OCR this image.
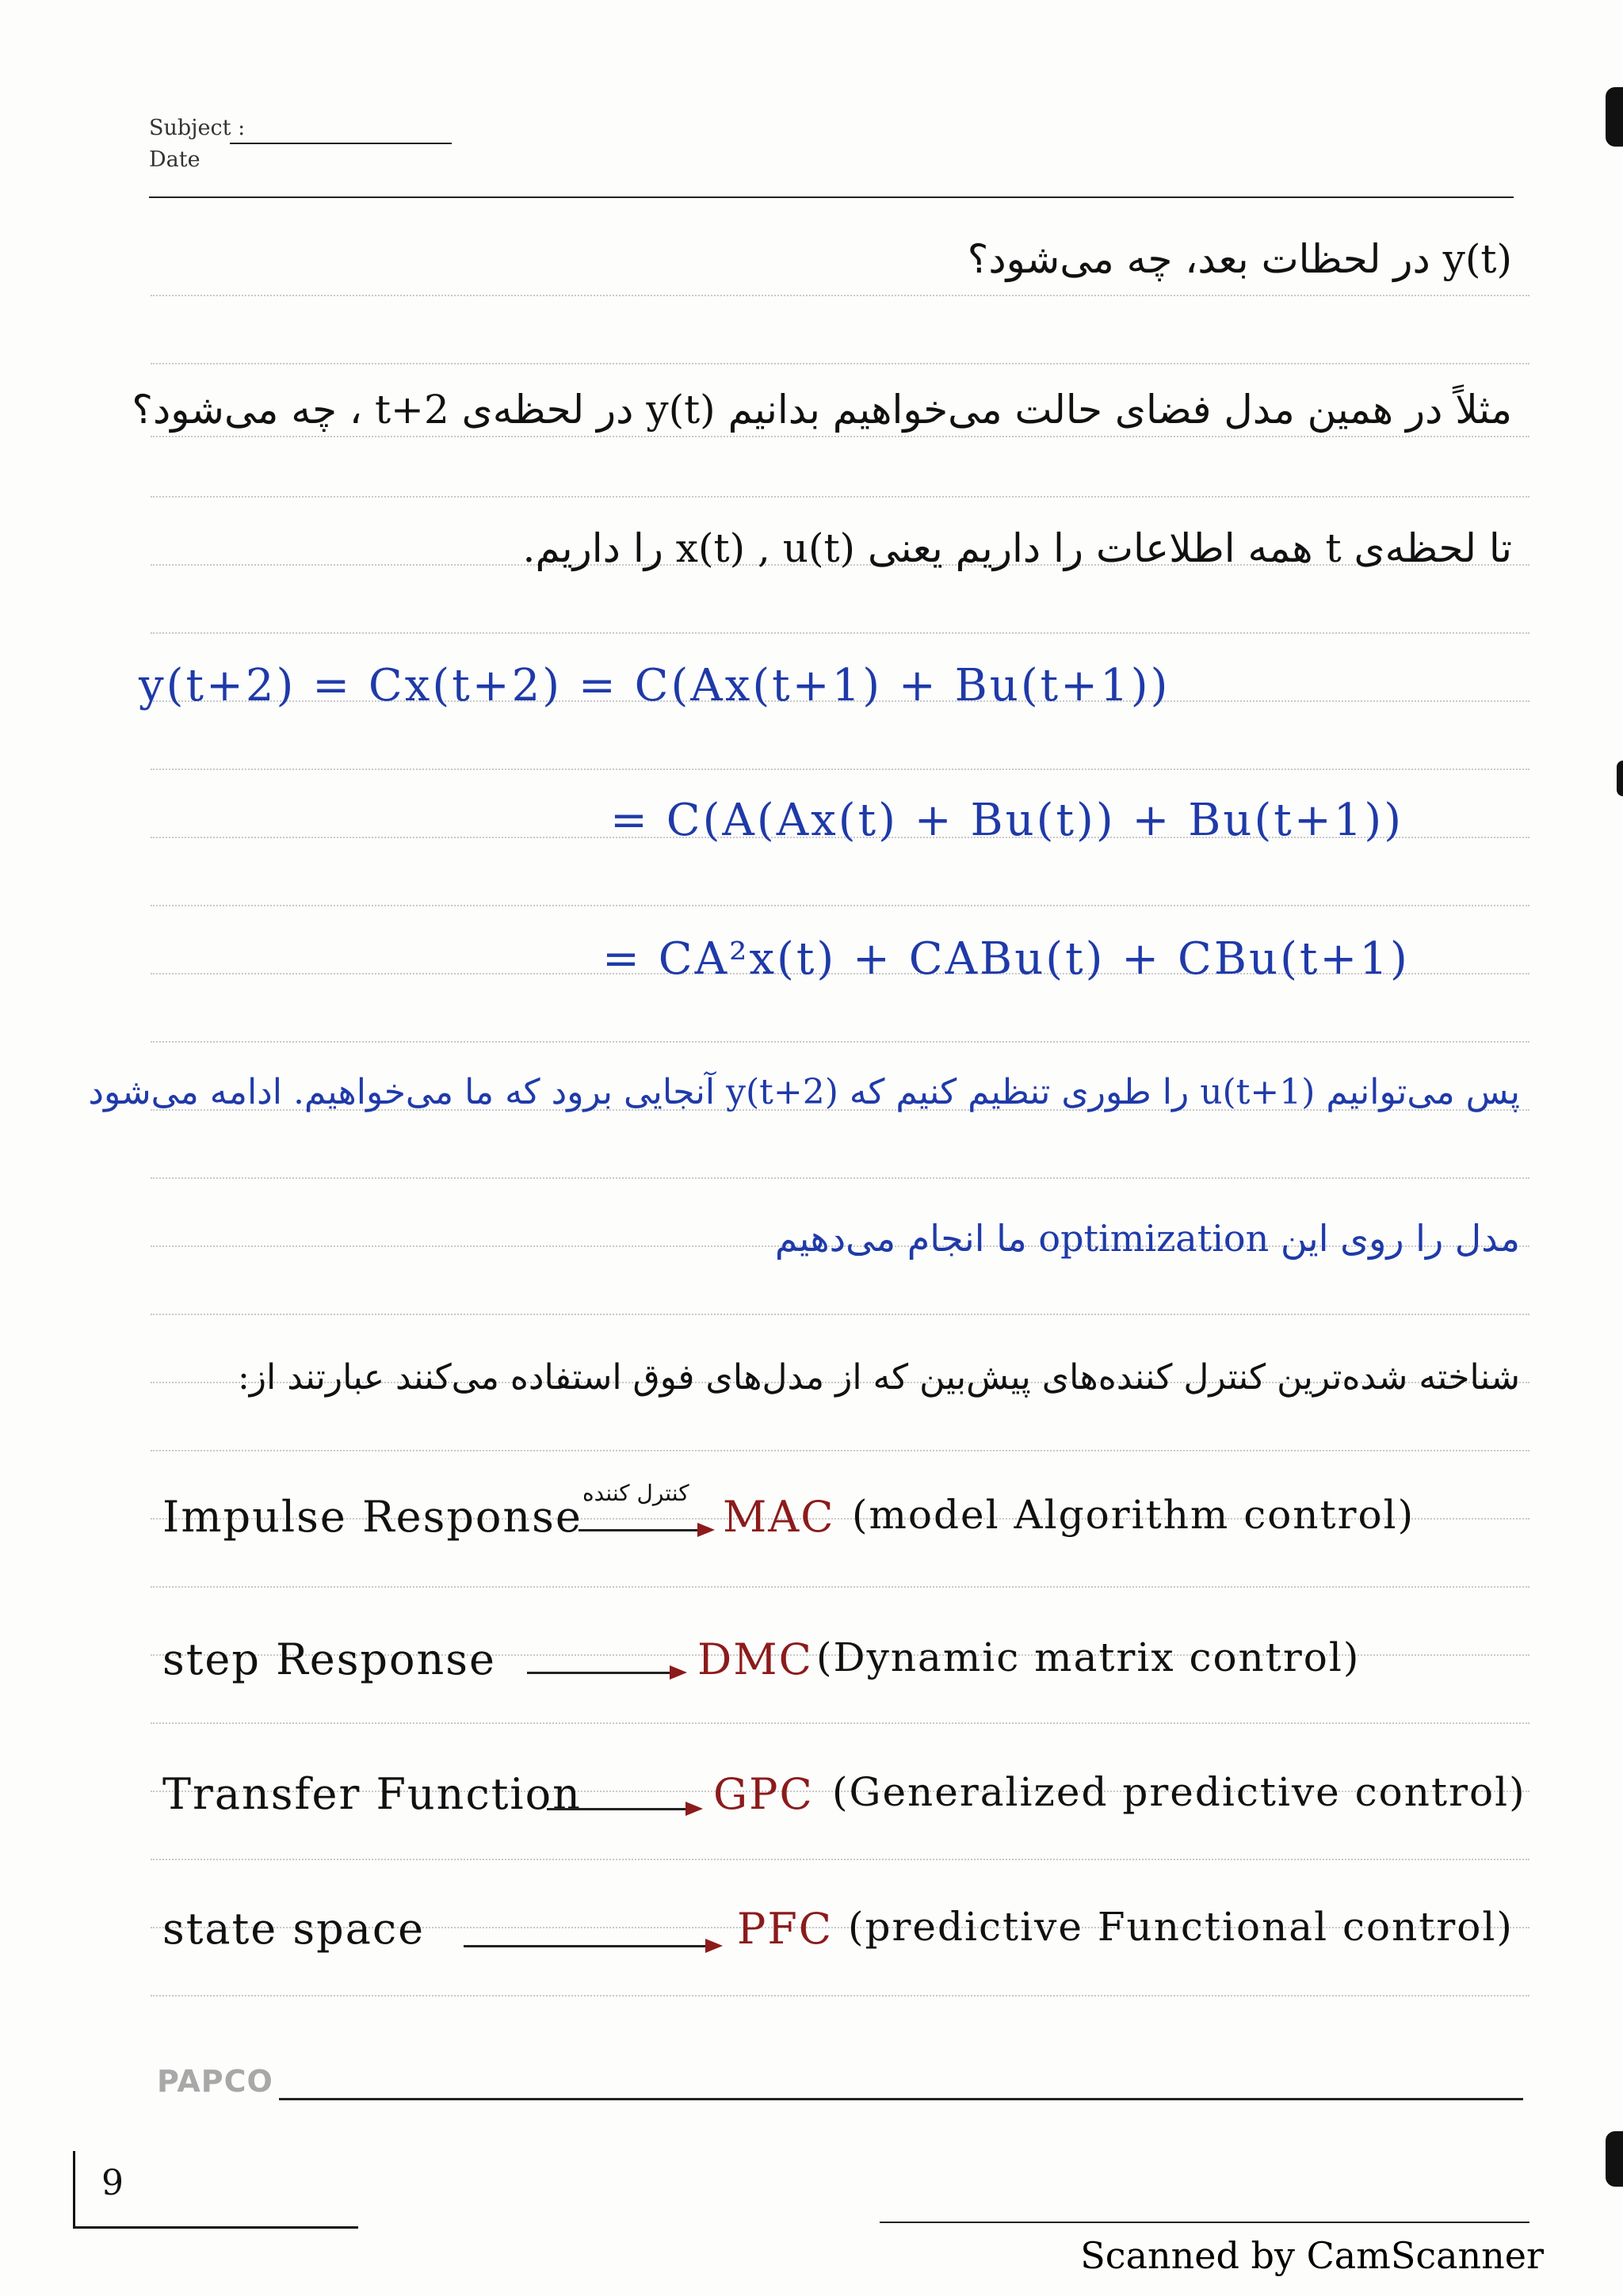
Subject :
Date
y(t) در لحظات بعد، چه می‌شود؟
مثلاً در همین مدل فضای حالت می‌خواهیم بدانیم y(t) در لحظه‌ی t+2 ، چه می‌شود؟
تا لحظه‌ی t همه اطلاعات را داریم یعنی x(t) , u(t) را داریم.
y(t+2) = Cx(t+2) = C(Ax(t+1) + Bu(t+1))
= C(A(Ax(t) + Bu(t)) + Bu(t+1))
= CA²x(t) + CABu(t) + CBu(t+1)
پس می‌توانیم u(t+1) را طوری تنظیم کنیم که y(t+2) آنجایی برود که ما می‌خواهیم. ادامه می‌شود
مدل را روی این optimization ما انجام می‌دهیم
شناخته شده‌ترین کنترل کننده‌های پیش‌بین که از مدل‌های فوق استفاده می‌کنند عبارتند از:
Impulse Response کنترل کننده MAC (model Algorithm control)
step Response	DMC (Dynamic matrix control)
Transfer Function	GPC (Generalized predictive control)
state space	PFC (predictive Functional control)
PAPCO
9
Scanned by CamScanner
